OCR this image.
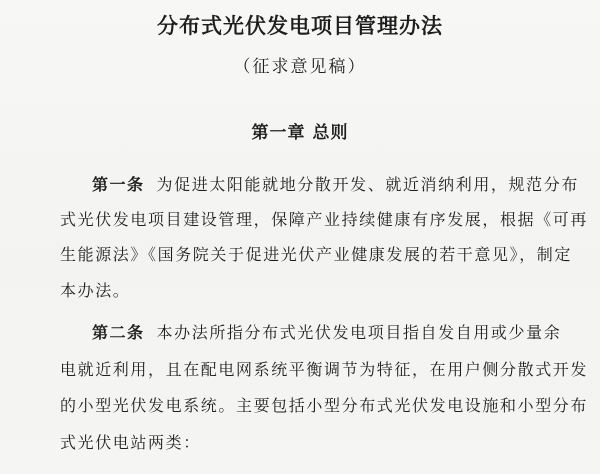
分布式光伏发电项目管理办法
（征求意见稿）
第一章 总则
第一条 为促进太阳能就地分散开发、就近消纳利用，规范分布
式光伏发电项目建设管理，保障产业持续健康有序发展，根据《可再
生能源法》《国务院关于促进光伏产业健康发展的若干意见》，制定
本办法。
第二条 本办法所指分布式光伏发电项目指自发自用或少量余
电就近利用，且在配电网系统平衡调节为特征，在用户侧分散式开发
的小型光伏发电系统。主要包括小型分布式光伏发电设施和小型分布
式光伏电站两类：
